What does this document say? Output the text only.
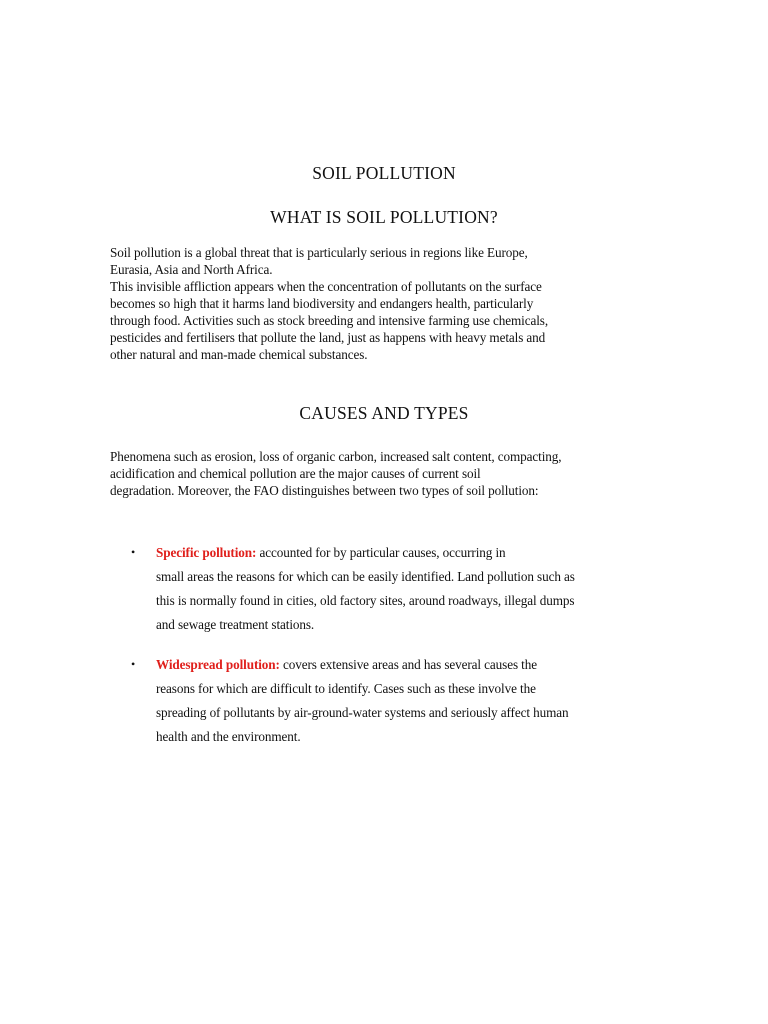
SOIL POLLUTION
WHAT IS SOIL POLLUTION?

Soil pollution is a global threat that is particularly serious in regions like Europe,
Eurasia, Asia and North Africa.
This invisible affliction appears when the concentration of pollutants on the surface
becomes so high that it harms land biodiversity and endangers health, particularly
through food. Activities such as stock breeding and intensive farming use chemicals,
pesticides and fertilisers that pollute the land, just as happens with heavy metals and
other natural and man-made chemical substances.

CAUSES AND TYPES

Phenomena such as erosion, loss of organic carbon, increased salt content, compacting,
acidification and chemical pollution are the major causes of current soil
degradation. Moreover, the FAO distinguishes between two types of soil pollution:

• Specific pollution: accounted for by particular causes, occurring in
small areas the reasons for which can be easily identified. Land pollution such as
this is normally found in cities, old factory sites, around roadways, illegal dumps
and sewage treatment stations.
• Widespread pollution: covers extensive areas and has several causes the
reasons for which are difficult to identify. Cases such as these involve the
spreading of pollutants by air-ground-water systems and seriously affect human
health and the environment.
